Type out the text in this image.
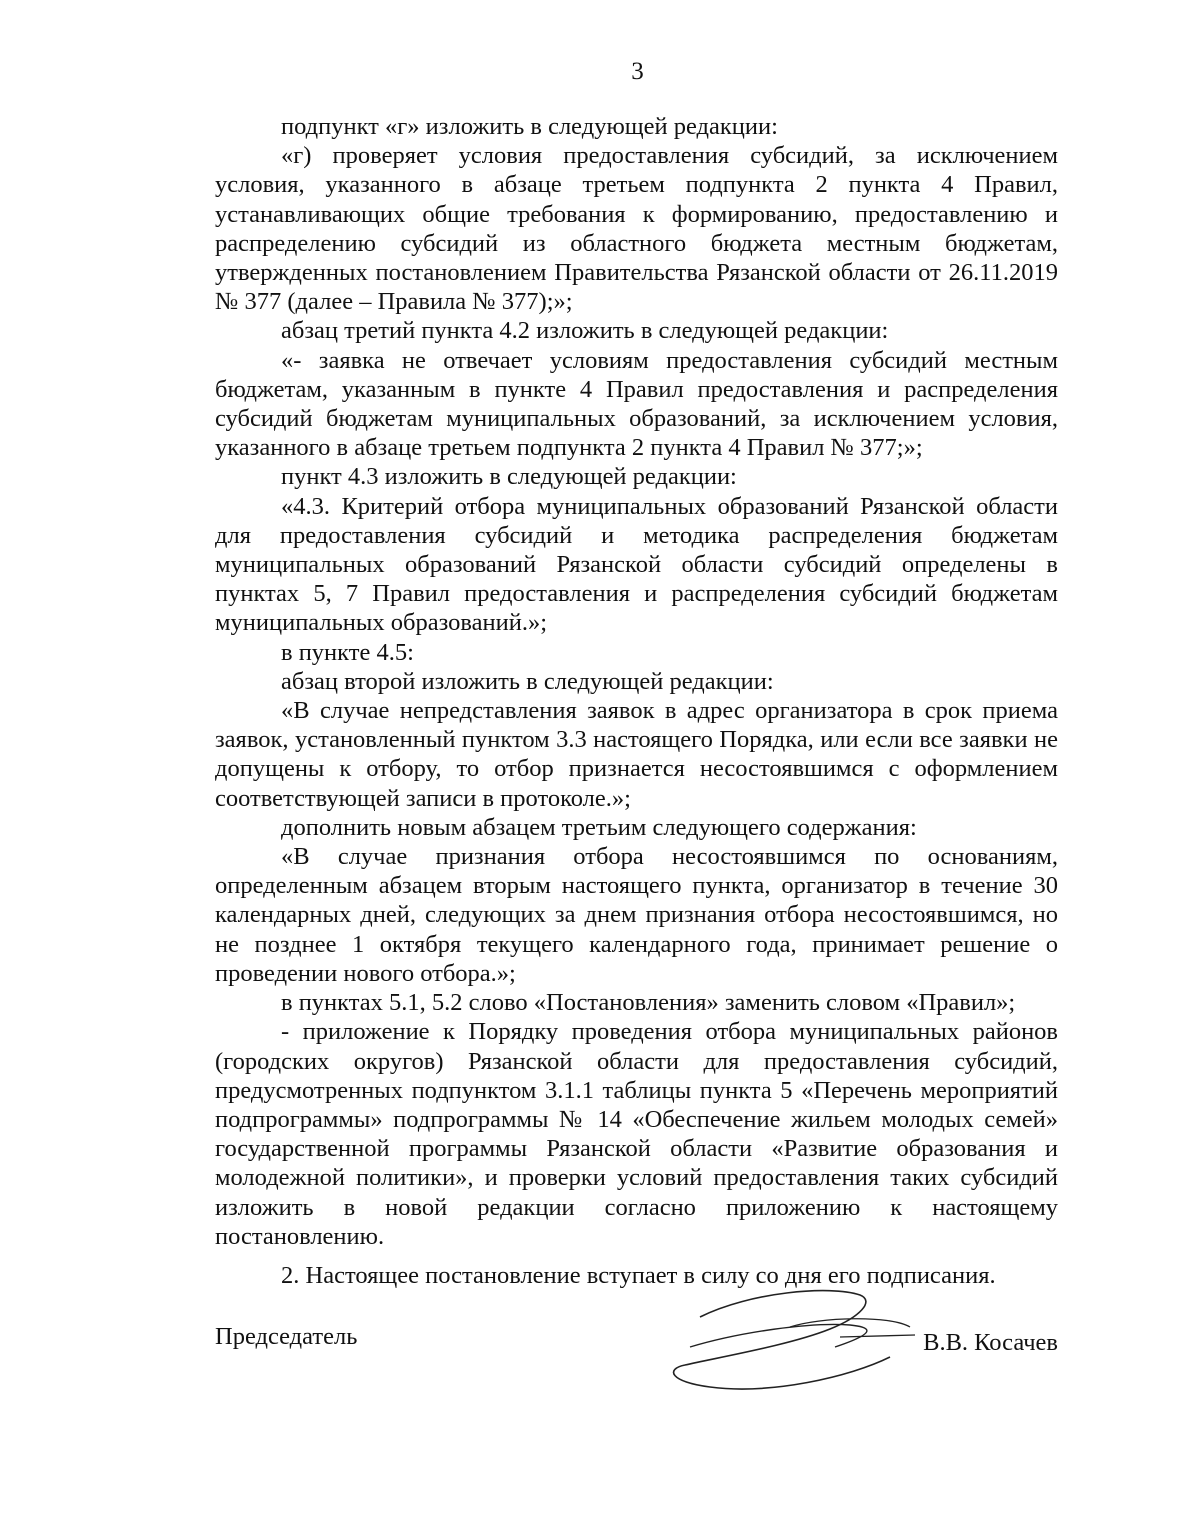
3

подпункт «г» изложить в следующей редакции:

«г) проверяет условия предоставления субсидий, за исключением условия, указанного в абзаце третьем подпункта 2 пункта 4 Правил, устанавливающих общие требования к формированию, предоставлению и распределению субсидий из областного бюджета местным бюджетам, утвержденных постановлением Правительства Рязанской области от 26.11.2019 № 377 (далее – Правила № 377);»;

абзац третий пункта 4.2 изложить в следующей редакции:

«- заявка не отвечает условиям предоставления субсидий местным бюджетам, указанным в пункте 4 Правил предоставления и распределения субсидий бюджетам муниципальных образований, за исключением условия, указанного в абзаце третьем подпункта 2 пункта 4 Правил № 377;»;

пункт 4.3 изложить в следующей редакции:

«4.3. Критерий отбора муниципальных образований Рязанской области для предоставления субсидий и методика распределения бюджетам муниципальных образований Рязанской области субсидий определены в пунктах 5, 7 Правил предоставления и распределения субсидий бюджетам муниципальных образований.»;

в пункте 4.5:

абзац второй изложить в следующей редакции:

«В случае непредставления заявок в адрес организатора в срок приема заявок, установленный пунктом 3.3 настоящего Порядка, или если все заявки не допущены к отбору, то отбор признается несостоявшимся с оформлением соответствующей записи в протоколе.»;

дополнить новым абзацем третьим следующего содержания:

«В случае признания отбора несостоявшимся по основаниям, определенным абзацем вторым настоящего пункта, организатор в течение 30 календарных дней, следующих за днем признания отбора несостоявшимся, но не позднее 1 октября текущего календарного года, принимает решение о проведении нового отбора.»;

в пунктах 5.1, 5.2 слово «Постановления» заменить словом «Правил»;

- приложение к Порядку проведения отбора муниципальных районов (городских округов) Рязанской области для предоставления субсидий, предусмотренных подпунктом 3.1.1 таблицы пункта 5 «Перечень мероприятий подпрограммы» подпрограммы № 14 «Обеспечение жильем молодых семей» государственной программы Рязанской области «Развитие образования и молодежной политики», и проверки условий предоставления таких субсидий изложить в новой редакции согласно приложению к настоящему постановлению.

2. Настоящее постановление вступает в силу со дня его подписания.

Председатель	В.В. Косачев
